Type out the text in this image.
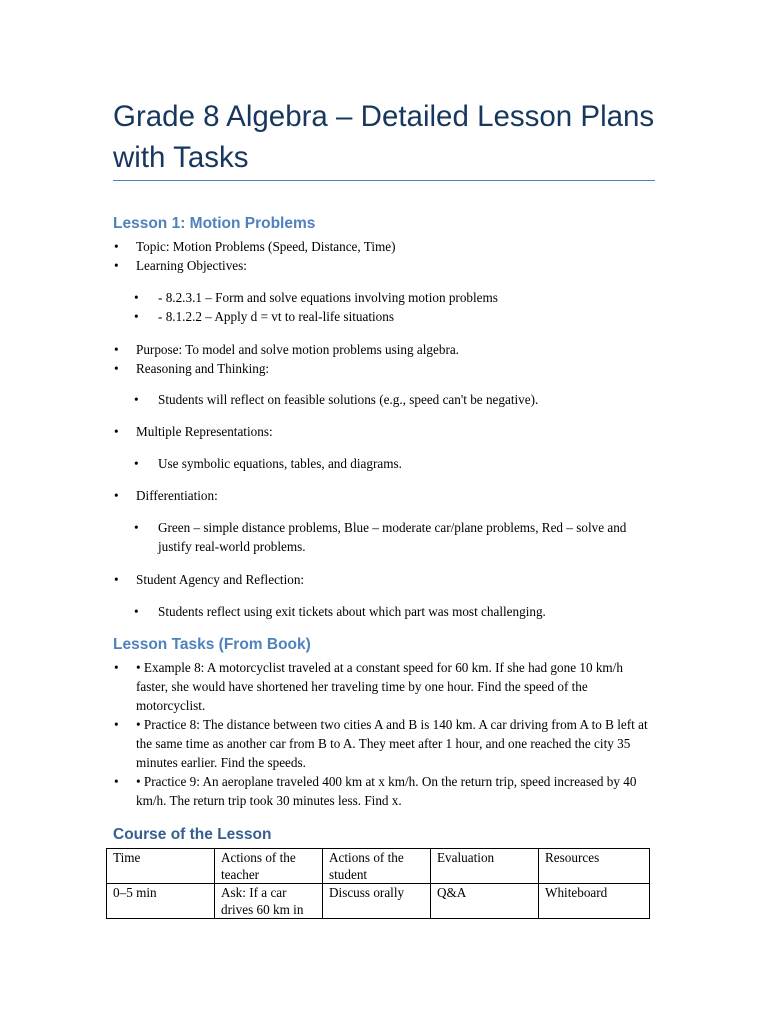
Grade 8 Algebra – Detailed Lesson Plans with Tasks
Lesson 1: Motion Problems
• Topic: Motion Problems (Speed, Distance, Time)
• Learning Objectives:
• - 8.2.3.1 – Form and solve equations involving motion problems
• - 8.1.2.2 – Apply d = vt to real-life situations
• Purpose: To model and solve motion problems using algebra.
• Reasoning and Thinking:
• Students will reflect on feasible solutions (e.g., speed can't be negative).
• Multiple Representations:
• Use symbolic equations, tables, and diagrams.
• Differentiation:
• Green – simple distance problems, Blue – moderate car/plane problems, Red – solve and justify real-world problems.
• Student Agency and Reflection:
• Students reflect using exit tickets about which part was most challenging.
Lesson Tasks (From Book)
• • Example 8: A motorcyclist traveled at a constant speed for 60 km. If she had gone 10 km/h faster, she would have shortened her traveling time by one hour. Find the speed of the motorcyclist.
• • Practice 8: The distance between two cities A and B is 140 km. A car driving from A to B left at the same time as another car from B to A. They meet after 1 hour, and one reached the city 35 minutes earlier. Find the speeds.
• • Practice 9: An aeroplane traveled 400 km at x km/h. On the return trip, speed increased by 40 km/h. The return trip took 30 minutes less. Find x.
Course of the Lesson
Time	Actions of the teacher	Actions of the student	Evaluation	Resources
0–5 min	Ask: If a car drives 60 km in	Discuss orally	Q&A	Whiteboard
